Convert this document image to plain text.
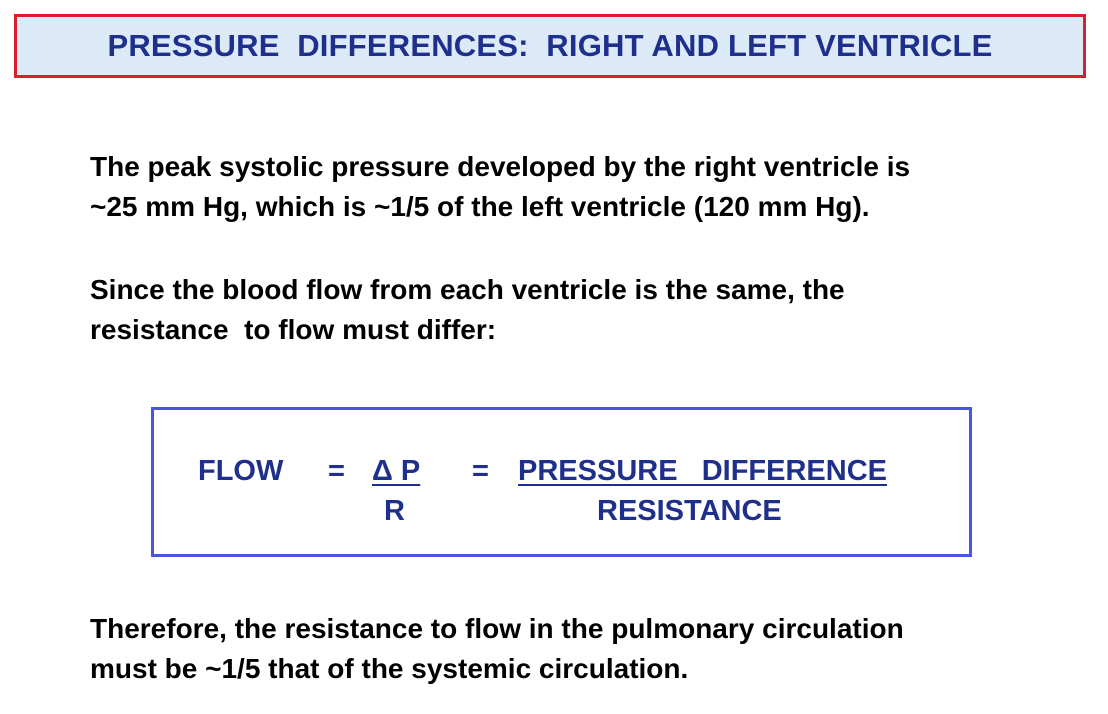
PRESSURE  DIFFERENCES:  RIGHT AND LEFT VENTRICLE

The peak systolic pressure developed by the right ventricle is
~25 mm Hg, which is ~1/5 of the left ventricle (120 mm Hg).

Since the blood flow from each ventricle is the same, the
resistance  to flow must differ:

FLOW = Δ P
R
= PRESSURE   DIFFERENCE
RESISTANCE

Therefore, the resistance to flow in the pulmonary circulation
must be ~1/5 that of the systemic circulation.
